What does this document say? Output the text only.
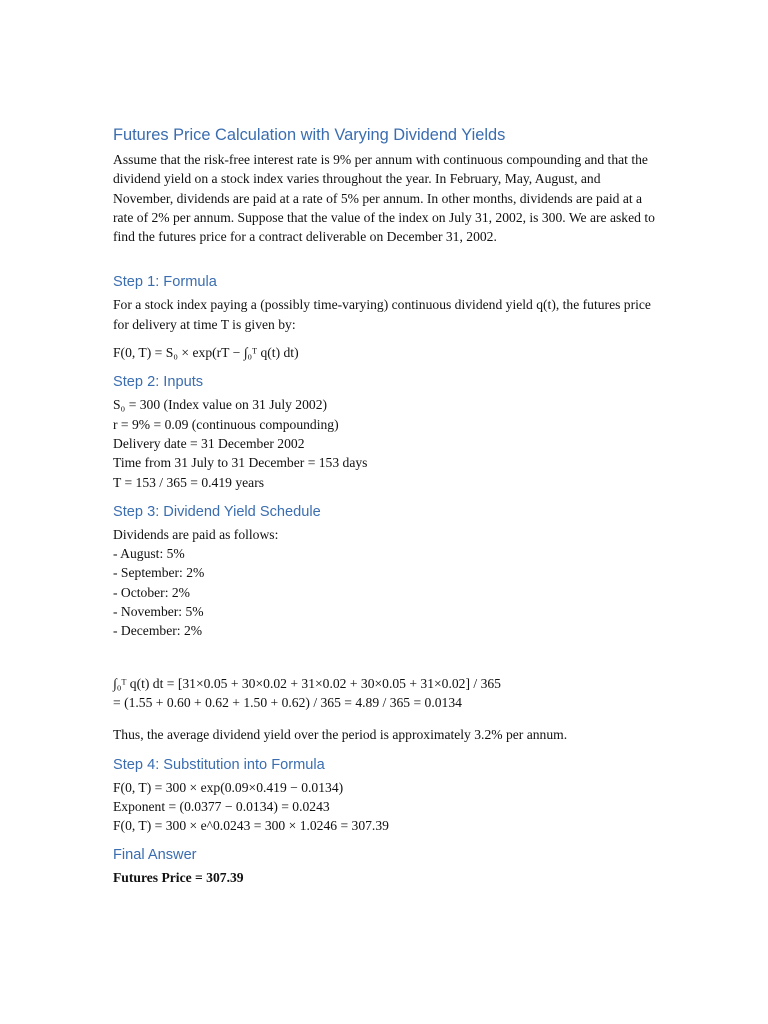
Futures Price Calculation with Varying Dividend Yields

Assume that the risk-free interest rate is 9% per annum with continuous compounding and that the dividend yield on a stock index varies throughout the year. In February, May, August, and November, dividends are paid at a rate of 5% per annum. In other months, dividends are paid at a rate of 2% per annum. Suppose that the value of the index on July 31, 2002, is 300. We are asked to find the futures price for a contract deliverable on December 31, 2002.

Step 1: Formula

For a stock index paying a (possibly time-varying) continuous dividend yield q(t), the futures price for delivery at time T is given by:

F(0, T) = S₀ × exp(rT − ∫₀ᵀ q(t) dt)

Step 2: Inputs
S₀ = 300 (Index value on 31 July 2002)
r = 9% = 0.09 (continuous compounding)
Delivery date = 31 December 2002
Time from 31 July to 31 December = 153 days
T = 153 / 365 = 0.419 years
Step 3: Dividend Yield Schedule
Dividends are paid as follows:
- August: 5%
- September: 2%
- October: 2%
- November: 5%
- December: 2%
∫₀ᵀ q(t) dt = [31×0.05 + 30×0.02 + 31×0.02 + 30×0.05 + 31×0.02] / 365
= (1.55 + 0.60 + 0.62 + 1.50 + 0.62) / 365 = 4.89 / 365 = 0.0134

Thus, the average dividend yield over the period is approximately 3.2% per annum.

Step 4: Substitution into Formula
F(0, T) = 300 × exp(0.09×0.419 − 0.0134)
Exponent = (0.0377 − 0.0134) = 0.0243
F(0, T) = 300 × e^0.0243 = 300 × 1.0246 = 307.39
Final Answer

Futures Price = 307.39
